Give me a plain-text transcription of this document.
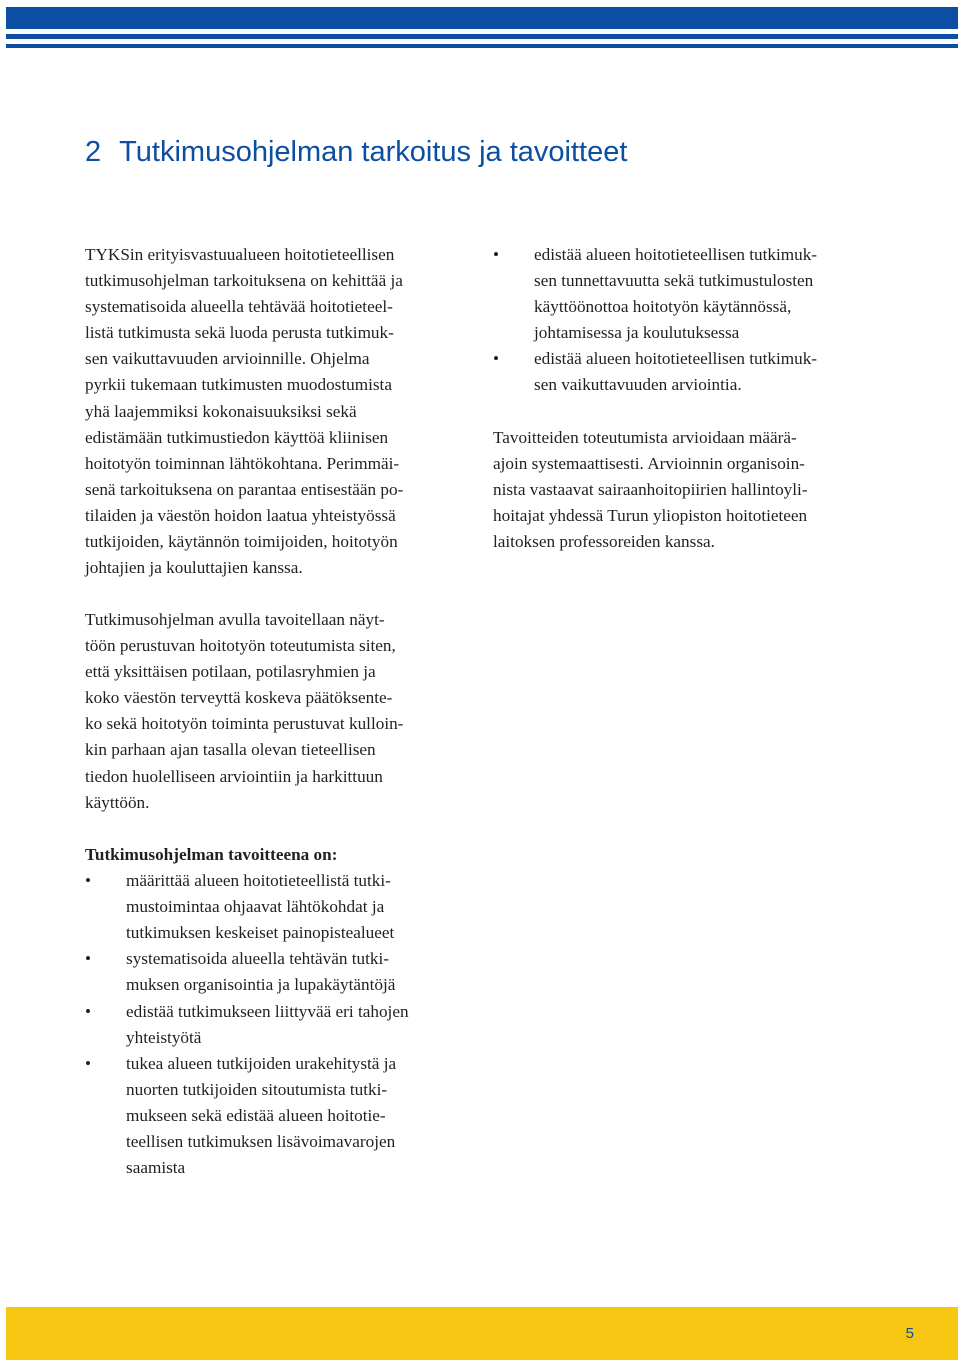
2 Tutkimusohjelman tarkoitus ja tavoitteet
TYKSin erityisvastuualueen hoitotieteellisen
tutkimusohjelman tarkoituksena on kehittää ja
systematisoida alueella tehtävää hoitotieteel-
listä tutkimusta sekä luoda perusta tutkimuk-
sen vaikuttavuuden arvioinnille. Ohjelma
pyrkii tukemaan tutkimusten muodostumista
yhä laajemmiksi kokonaisuuksiksi sekä
edistämään tutkimustiedon käyttöä kliinisen
hoitotyön toiminnan lähtökohtana. Perimmäi-
senä tarkoituksena on parantaa entisestään po-
tilaiden ja väestön hoidon laatua yhteistyössä
tutkijoiden, käytännön toimijoiden, hoitotyön
johtajien ja kouluttajien kanssa.
Tutkimusohjelman avulla tavoitellaan näyt-
töön perustuvan hoitotyön toteutumista siten,
että yksittäisen potilaan, potilasryhmien ja
koko väestön terveyttä koskeva päätöksente-
ko sekä hoitotyön toiminta perustuvat kulloin-
kin parhaan ajan tasalla olevan tieteellisen
tiedon huolelliseen arviointiin ja harkittuun
käyttöön.
Tutkimusohjelman tavoitteena on:
• määrittää alueen hoitotieteellistä tutki-
mustoimintaa ohjaavat lähtökohdat ja
tutkimuksen keskeiset painopistealueet
• systematisoida alueella tehtävän tutki-
muksen organisointia ja lupakäytäntöjä
• edistää tutkimukseen liittyvää eri tahojen
yhteistyötä
• tukea alueen tutkijoiden urakehitystä ja
nuorten tutkijoiden sitoutumista tutki-
mukseen sekä edistää alueen hoitotie-
teellisen tutkimuksen lisävoimavarojen
saamista
• edistää alueen hoitotieteellisen tutkimuk-
sen tunnettavuutta sekä tutkimustulosten
käyttöönottoa hoitotyön käytännössä,
johtamisessa ja koulutuksessa
• edistää alueen hoitotieteellisen tutkimuk-
sen vaikuttavuuden arviointia.
Tavoitteiden toteutumista arvioidaan määrä-
ajoin systemaattisesti. Arvioinnin organisoin-
nista vastaavat sairaanhoitopiirien hallintoyli-
hoitajat yhdessä Turun yliopiston hoitotieteen
laitoksen professoreiden kanssa.
5
